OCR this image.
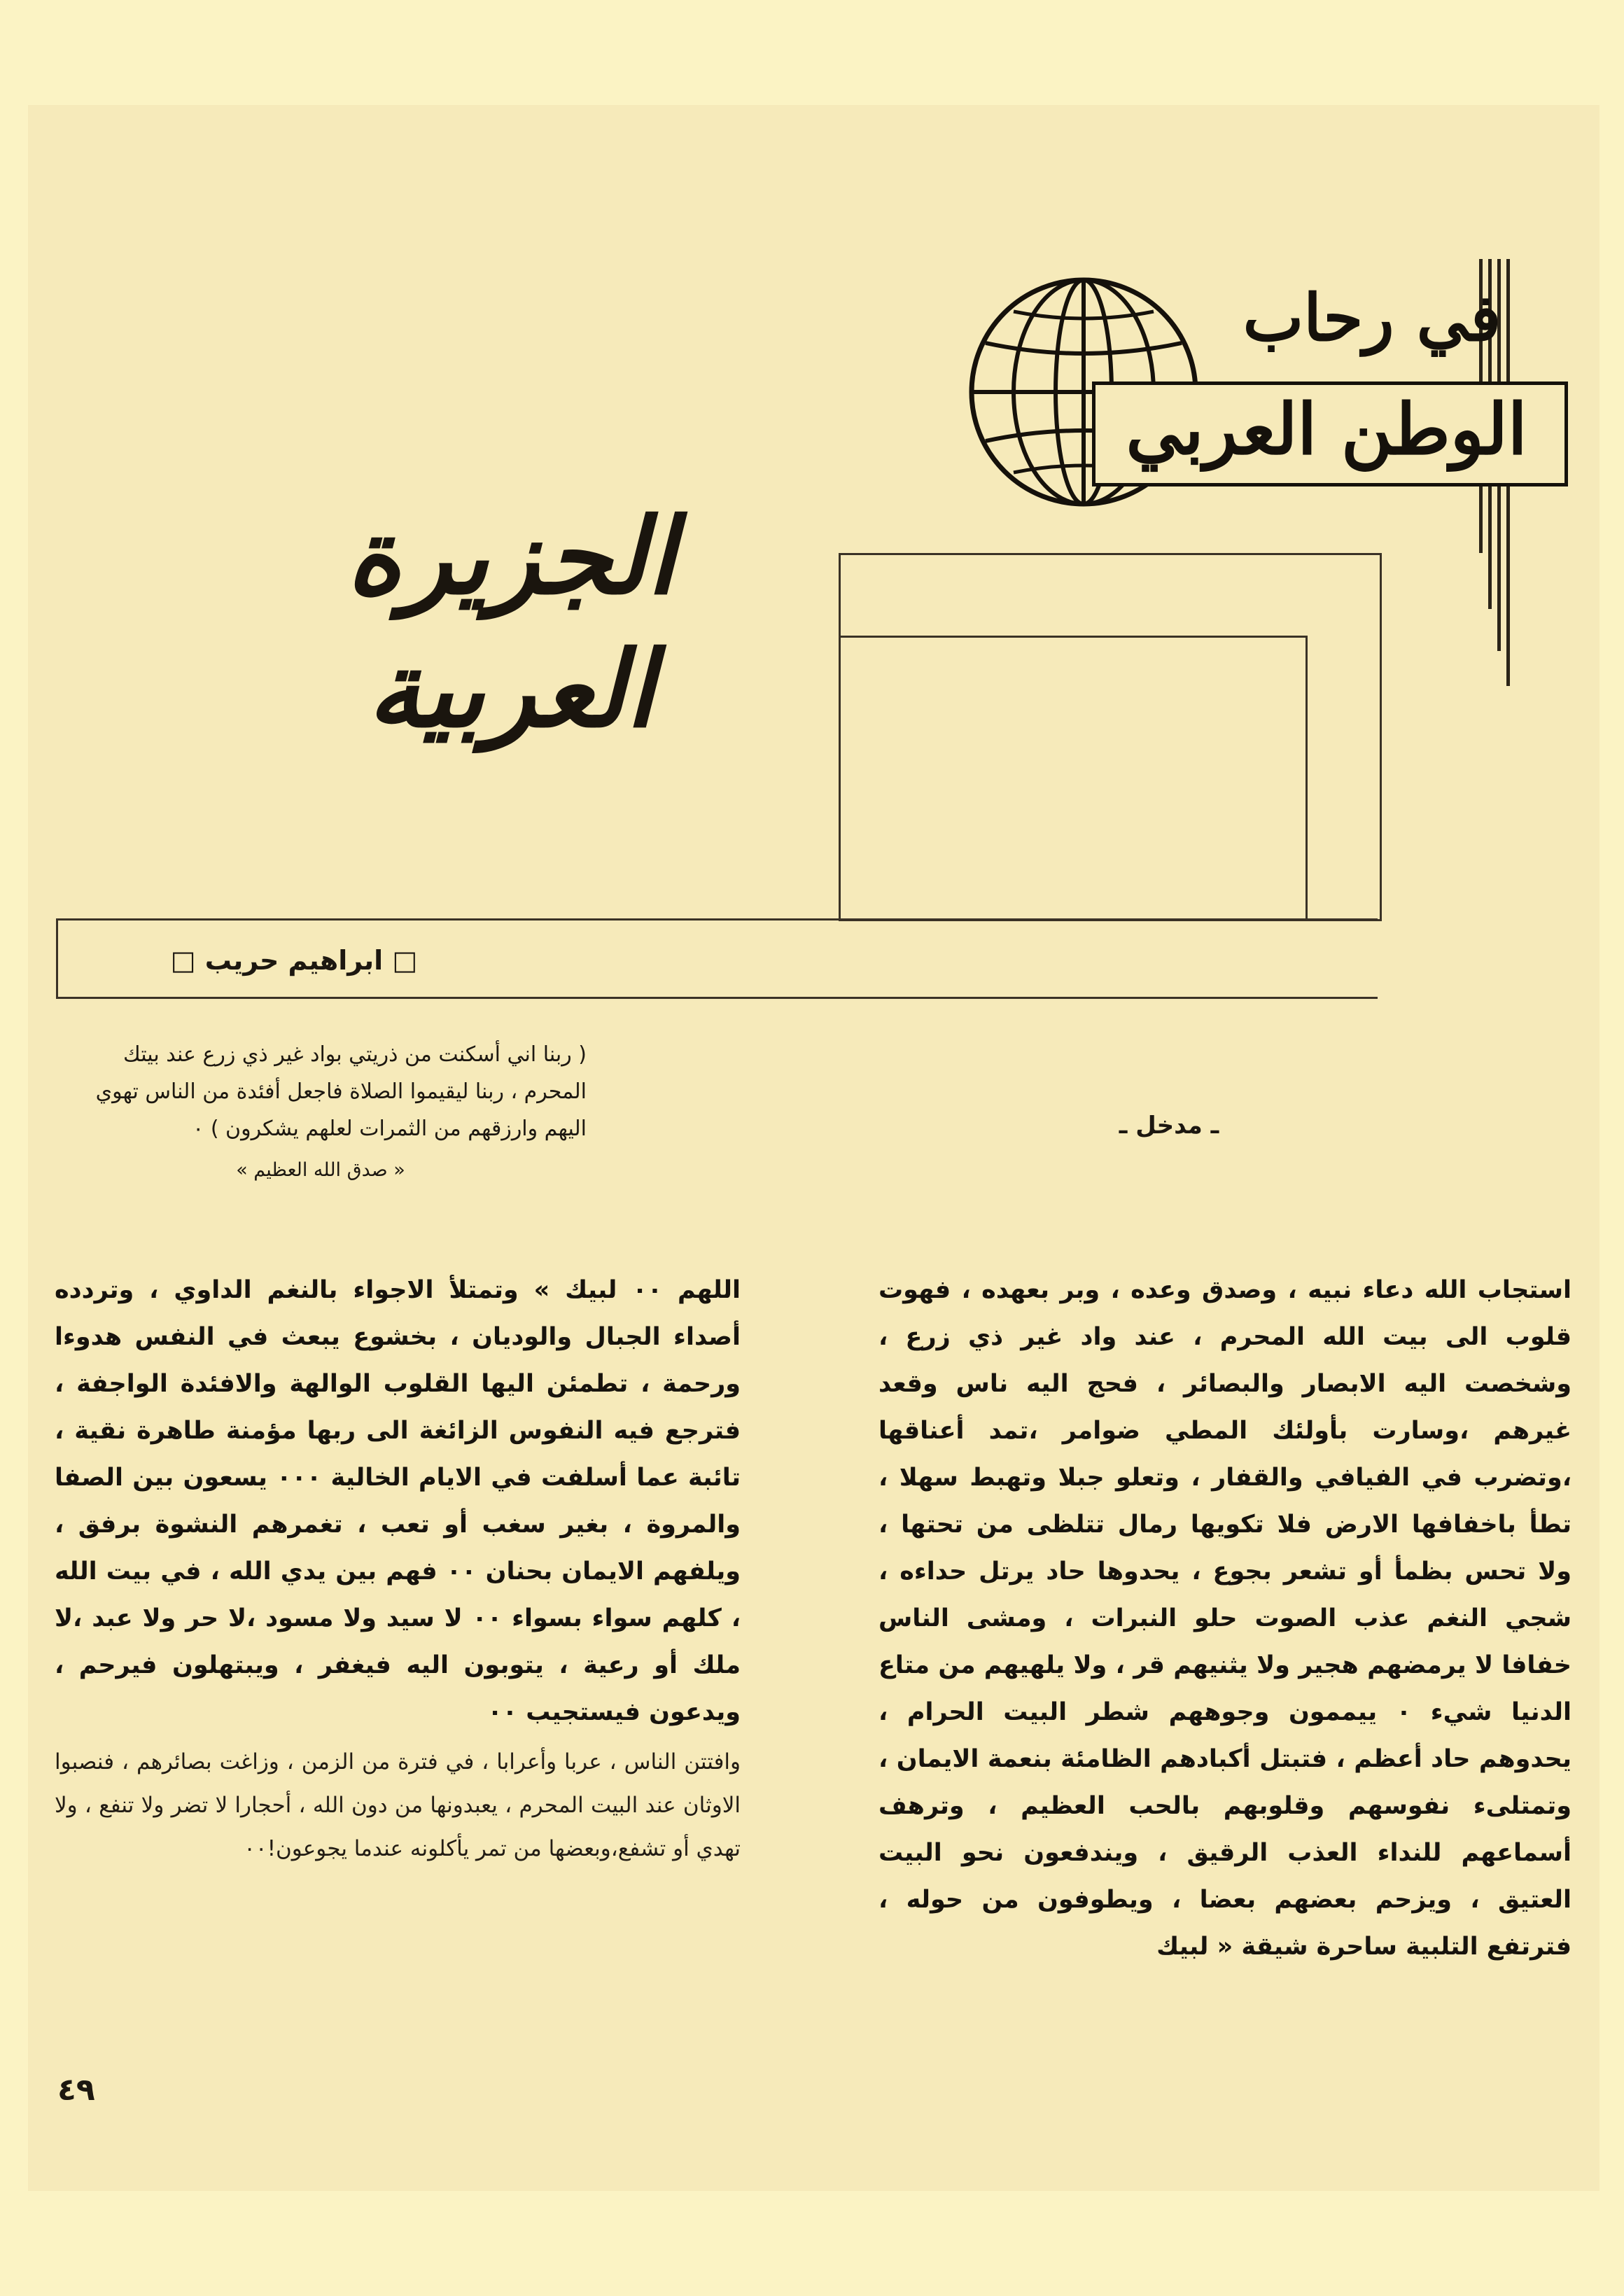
في رحاب
الوطن العربي
الجزيرة العربية
□ ابراهيم حريب □
( ربنا اني أسكنت من ذريتي بواد غير ذي زرع عند بيتك المحرم ، ربنا ليقيموا الصلاة فاجعل أفئدة من الناس تهوي اليهم وارزقهم من الثمرات لعلهم يشكرون ) ٠
« صدق الله العظيم »
ـ مدخل ـ

استجاب الله دعاء نبيه ، وصدق وعده ، وبر بعهده ، فهوت قلوب الى بيت الله المحرم ، عند واد غير ذي زرع ، وشخصت اليه الابصار والبصائر ، فحج اليه ناس وقعد غيرهم ،وسارت بأولئك المطي ضوامر ،تمد أعناقها ،وتضرب في الفيافي والقفار ، وتعلو جبلا وتهبط سهلا ، تطأ باخفافها الارض فلا تكويها رمال تتلظى من تحتها ، ولا تحس بظمأ أو تشعر بجوع ، يحدوها حاد يرتل حداءه ، شجي النغم عذب الصوت حلو النبرات ، ومشى الناس خفافا لا يرمضهم هجير ولا يثنيهم قر ، ولا يلهيهم من متاع الدنيا شيء ٠ ييممون وجوههم شطر البيت الحرام ، يحدوهم حاد أعظم ، فتبتل أكبادهم الظامئة بنعمة الايمان ، وتمتلىء نفوسهم وقلوبهم بالحب العظيم ، وترهف أسماعهم للنداء العذب الرقيق ، ويندفعون نحو البيت العتيق ، ويزحم بعضهم بعضا ، ويطوفون من حوله ، فترتفع التلبية ساحرة شيقة « لبيك

اللهم ٠٠ لبيك » وتمتلأ الاجواء بالنغم الداوي ، وتردده أصداء الجبال والوديان ، بخشوع يبعث في النفس هدوءا ورحمة ، تطمئن اليها القلوب الوالهة والافئدة الواجفة ، فترجع فيه النفوس الزائغة الى ربها مؤمنة طاهرة نقية ، تائبة عما أسلفت في الايام الخالية ٠٠٠ يسعون بين الصفا والمروة ، بغير سغب أو تعب ، تغمرهم النشوة برفق ، ويلفهم الايمان بحنان ٠٠ فهم بين يدي الله ، في بيت الله ، كلهم سواء بسواء ٠٠ لا سيد ولا مسود ،لا حر ولا عبد ،لا ملك أو رعية ، يتوبون اليه فيغفر ، ويبتهلون فيرحم ، ويدعون فيستجيب ٠٠

وافتتن الناس ، عربا وأعرابا ، في فترة من الزمن ، وزاغت بصائرهم ، فنصبوا الاوثان عند البيت المحرم ، يعبدونها من دون الله ، أحجارا لا تضر ولا تنفع ، ولا تهدي أو تشفع،وبعضها من تمر يأكلونه عندما يجوعون!٠٠

٤٩
